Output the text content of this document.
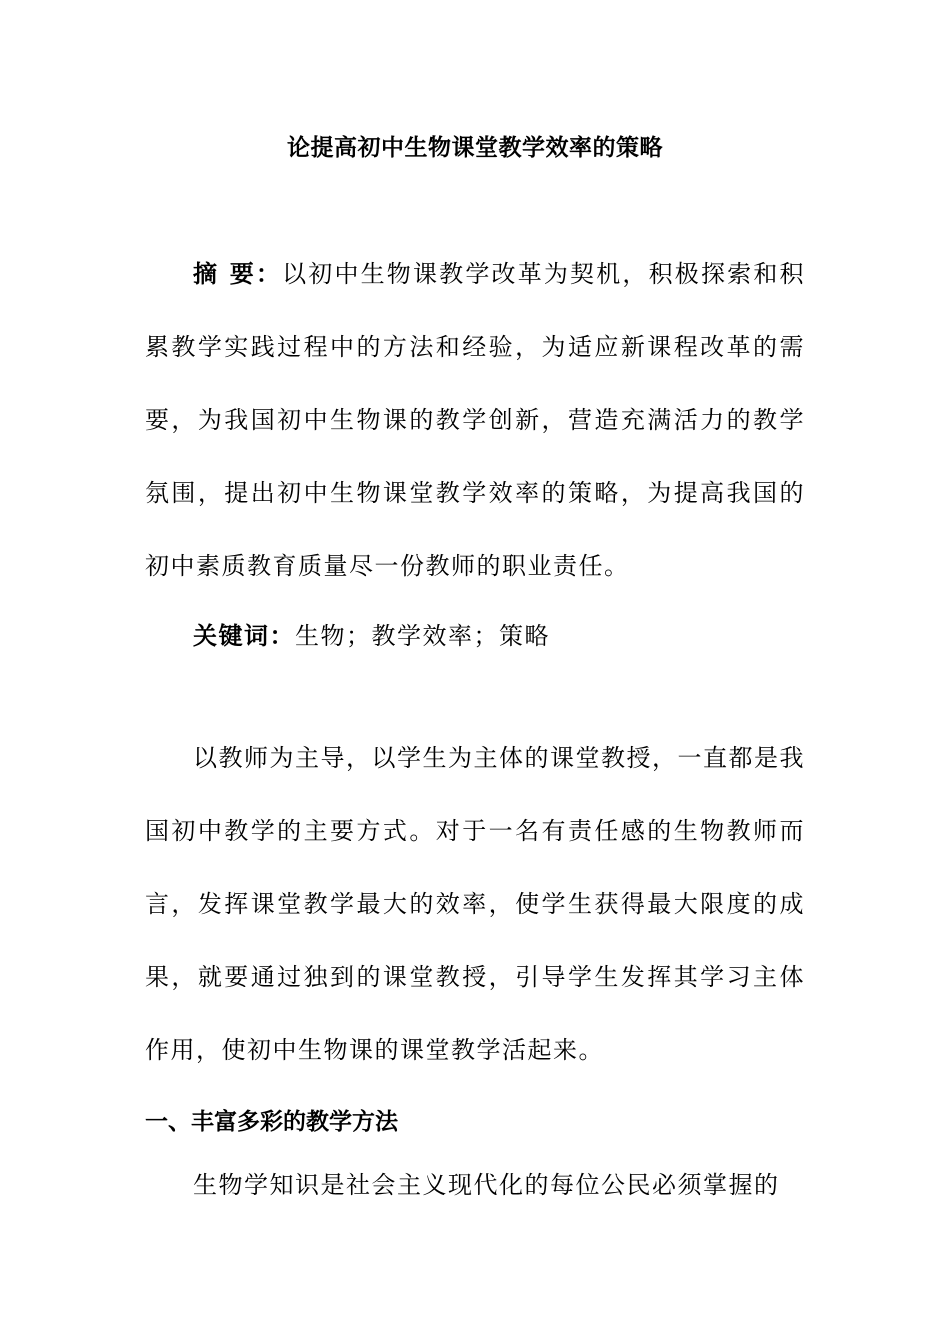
论提高初中生物课堂教学效率的策略

摘 要：以初中生物课教学改革为契机，积极探索和积累教学实践过程中的方法和经验，为适应新课程改革的需要，为我国初中生物课的教学创新，营造充满活力的教学氛围，提出初中生物课堂教学效率的策略，为提高我国的初中素质教育质量尽一份教师的职业责任。

关键词：生物；教学效率；策略

以教师为主导，以学生为主体的课堂教授，一直都是我国初中教学的主要方式。对于一名有责任感的生物教师而言，发挥课堂教学最大的效率，使学生获得最大限度的成果，就要通过独到的课堂教授，引导学生发挥其学习主体作用，使初中生物课的课堂教学活起来。

一、丰富多彩的教学方法

生物学知识是社会主义现代化的每位公民必须掌握的
